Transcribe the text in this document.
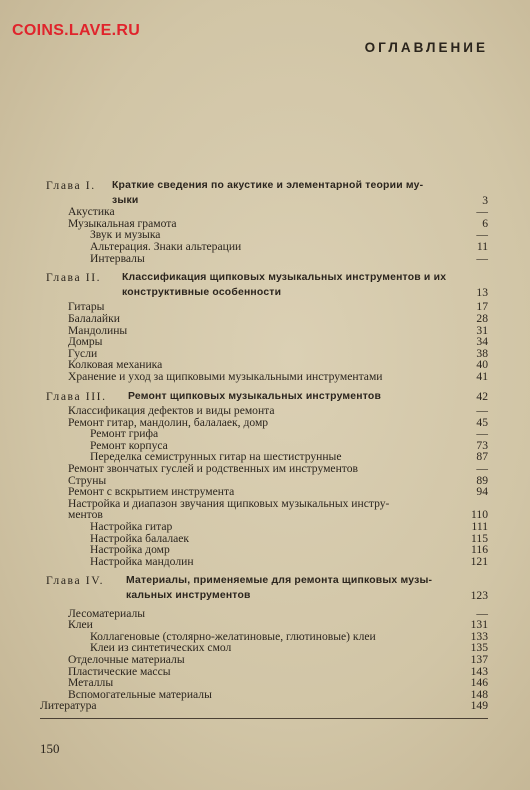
COINS.LAVE.RU
ОГЛАВЛЕНИЕ
Глава I. Краткие сведения по акустике и элементарной теории му-
зыки	3
Акустика	—
Музыкальная грамота	6
Звук и музыка	—
Альтерация. Знаки альтерации	11
Интервалы	—
Глава II. Классификация щипковых музыкальных инструментов и их
конструктивные особенности	13
Гитары	17
Балалайки	28
Мандолины	31
Домры	34
Гусли	38
Колковая механика	40
Хранение и уход за щипковыми музыкальными инструментами	41
Глава III. Ремонт щипковых музыкальных инструментов	42
Классификация дефектов и виды ремонта	—
Ремонт гитар, мандолин, балалаек, домр	45
Ремонт грифа	—
Ремонт корпуса	73
Переделка семиструнных гитар на шестиструнные	87
Ремонт звончатых гуслей и родственных им инструментов	—
Струны	89
Ремонт с вскрытием инструмента	94
Настройка и диапазон звучания щипковых музыкальных инстру-
ментов	110
Настройка гитар	111
Настройка балалаек	115
Настройка домр	116
Настройка мандолин	121
Глава IV. Материалы, применяемые для ремонта щипковых музы-
кальных инструментов	123
Лесоматериалы	—
Клеи	131
Коллагеновые (столярно-желатиновые, глютиновые) клеи	133
Клеи из синтетических смол	135
Отделочные материалы	137
Пластические массы	143
Металлы	146
Вспомогательные материалы	148
Литература	149
150
